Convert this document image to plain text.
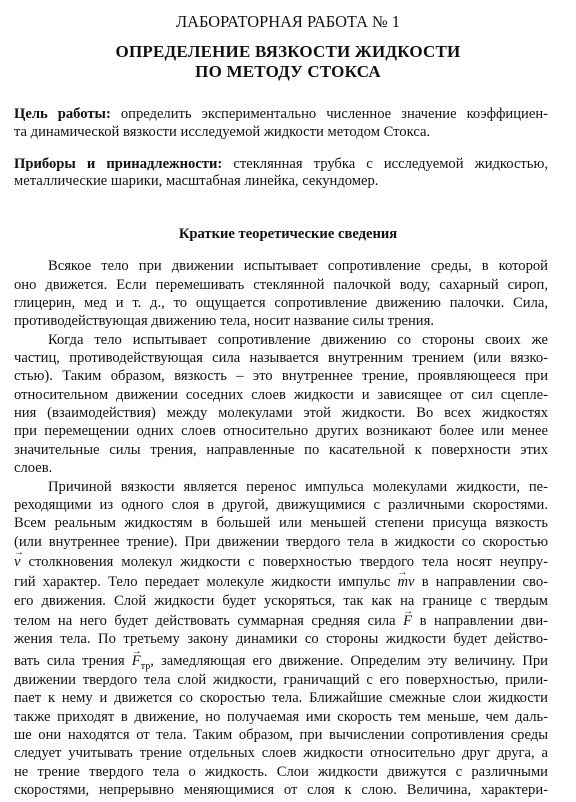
ЛАБОРАТОРНАЯ РАБОТА № 1
ОПРЕДЕЛЕНИЕ ВЯЗКОСТИ ЖИДКОСТИ
ПО МЕТОДУ СТОКСА
Цель работы: определить экспериментально численное значение коэффициен-
та динамической вязкости исследуемой жидкости методом Стокса.
Приборы и принадлежности: стеклянная трубка с исследуемой жидкостью,
металлические шарики, масштабная линейка, секундомер.
Краткие теоретические сведения
Всякое тело при движении испытывает сопротивление среды, в которой
оно движется. Если перемешивать стеклянной палочкой воду, сахарный сироп,
глицерин, мед и т. д., то ощущается сопротивление движению палочки. Сила,
противодействующая движению тела, носит название силы трения.
Когда тело испытывает сопротивление движению со стороны своих же
частиц, противодействующая сила называется внутренним трением (или вязко-
стью). Таким образом, вязкость – это внутреннее трение, проявляющееся при
относительном движении соседних слоев жидкости и зависящее от сил сцепле-
ния (взаимодействия) между молекулами этой жидкости. Во всех жидкостях
при перемещении одних слоев относительно других возникают более или менее
значительные силы трения, направленные по касательной к поверхности этих
слоев.
Причиной вязкости является перенос импульса молекулами жидкости, пе-
реходящими из одного слоя в другой, движущимися с различными скоростями.
Всем реальным жидкостям в большей или меньшей степени присуща вязкость
(или внутреннее трение). При движении твердого тела в жидкости со скоростью
→ v столкновения молекул жидкости с поверхностью твердого тела носят неупру-
гий характер. Тело передает молекуле жидкости импульс → mv в направлении сво-
его движения. Слой жидкости будет ускоряться, так как на границе с твердым
телом на него будет действовать суммарная средняя сила → F в направлении дви-
жения тела. По третьему закону динамики со стороны жидкости будет действо-
вать сила трения → $F_{тр}$, замедляющая его движение. Определим эту величину. При
движении твердого тела слой жидкости, граничащий с его поверхностью, прили-
пает к нему и движется со скоростью тела. Ближайшие смежные слои жидкости
также приходят в движение, но получаемая ими скорость тем меньше, чем даль-
ше они находятся от тела. Таким образом, при вычислении сопротивления среды
следует учитывать трение отдельных слоев жидкости относительно друг друга, а
не трение твердого тела о жидкость. Слои жидкости движутся с различными
скоростями, непрерывно меняющимися от слоя к слою. Величина, характери-
